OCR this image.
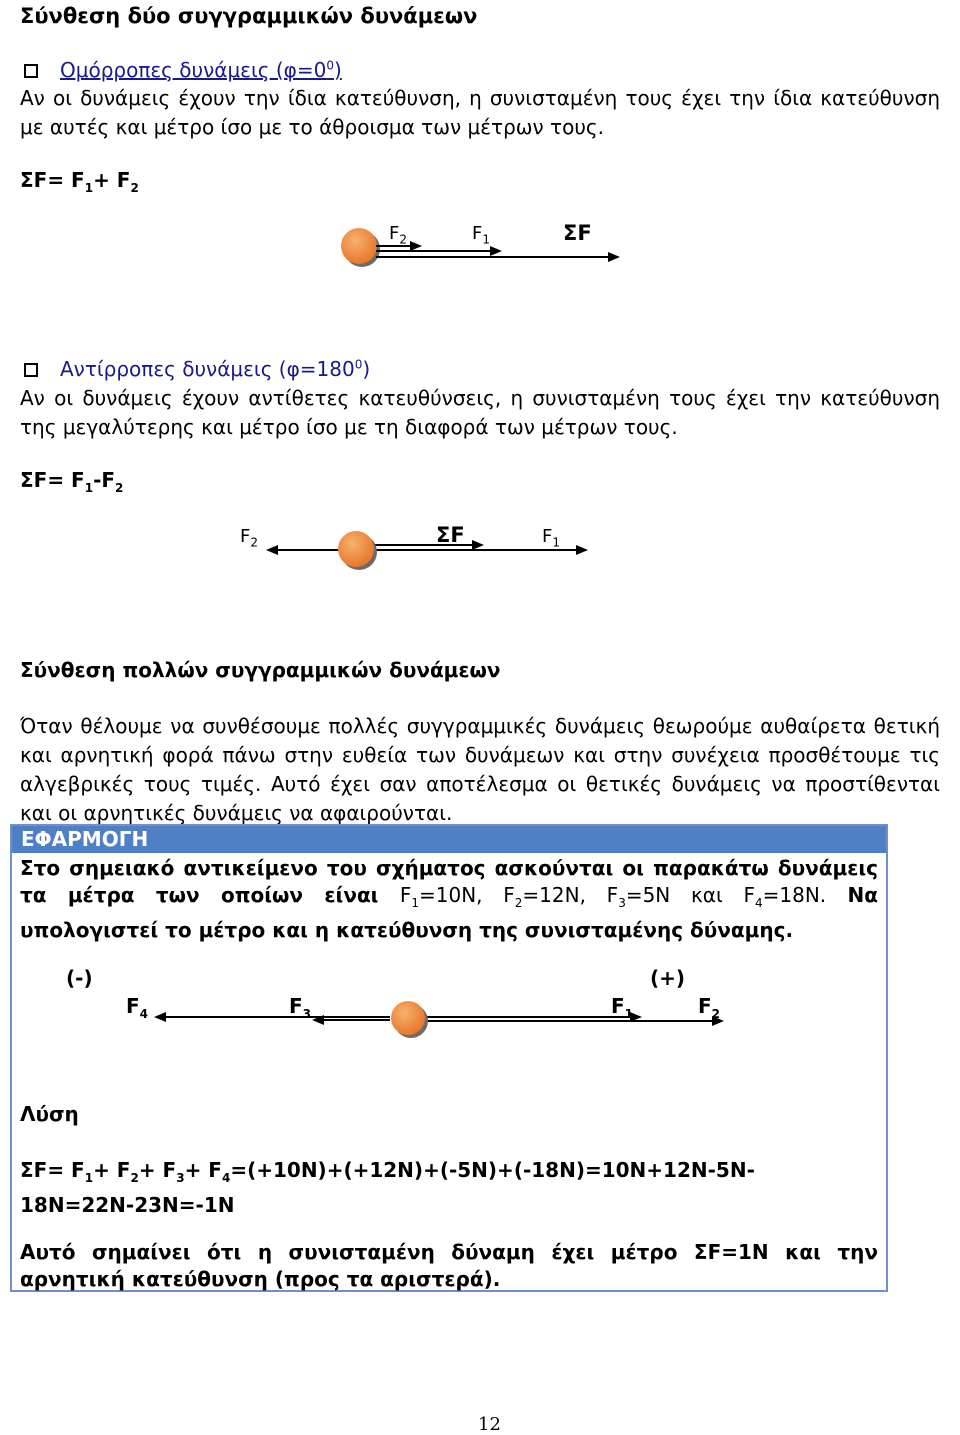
Σύνθεση δύο συγγραμμικών δυνάμεων
Ομόρροπες δυνάμεις $(\varphi=0^0)$
Αν οι δυνάμεις έχουν την ίδια κατεύθυνση, η συνισταμένη τους έχει την ίδια κατεύθυνση με αυτές και μέτρο ίσο με το άθροισμα των μέτρων τους.
$\Sigma F= F_1+ F_2$
$F_2$	$F_1$	ΣF
Αντίρροπες δυνάμεις $(\varphi=180^0)$
Αν οι δυνάμεις έχουν αντίθετες κατευθύνσεις, η συνισταμένη τους έχει την κατεύθυνση της μεγαλύτερης και μέτρο ίσο με τη διαφορά των μέτρων τους.
$\Sigma F= F_1-F_2$
$F_2$	ΣF	$F_1$
Σύνθεση πολλών συγγραμμικών δυνάμεων
Όταν θέλουμε να συνθέσουμε πολλές συγγραμμικές δυνάμεις θεωρούμε αυθαίρετα θετική και αρνητική φορά πάνω στην ευθεία των δυνάμεων και στην συνέχεια προσθέτουμε τις αλγεβρικές τους τιμές. Αυτό έχει σαν αποτέλεσμα οι θετικές δυνάμεις να προστίθενται και οι αρνητικές δυνάμεις να αφαιρούνται.
ΕΦΑΡΜΟΓΗ
Στο σημειακό αντικείμενο του σχήματος ασκούνται οι παρακάτω δυνάμεις τα μέτρα των οποίων είναι $F_1=10N$, $F_2=12N$, $F_3=5N$ και $F_4=18N$. Να υπολογιστεί το μέτρο και η κατεύθυνση της συνισταμένης δύναμης.
(-)	(+)
$F_4$	$F_3$	$F_1$	$F_2$
Λύση
$\Sigma F= F_1+ F_2+ F_3+ F_4=(+10N)+(+12N)+(-5N)+(-18N)=10N+12N-5N-18N=22N-23N=-1N$
Αυτό σημαίνει ότι η συνισταμένη δύναμη έχει μέτρο ΣF=1N και την αρνητική κατεύθυνση (προς τα αριστερά).
12
